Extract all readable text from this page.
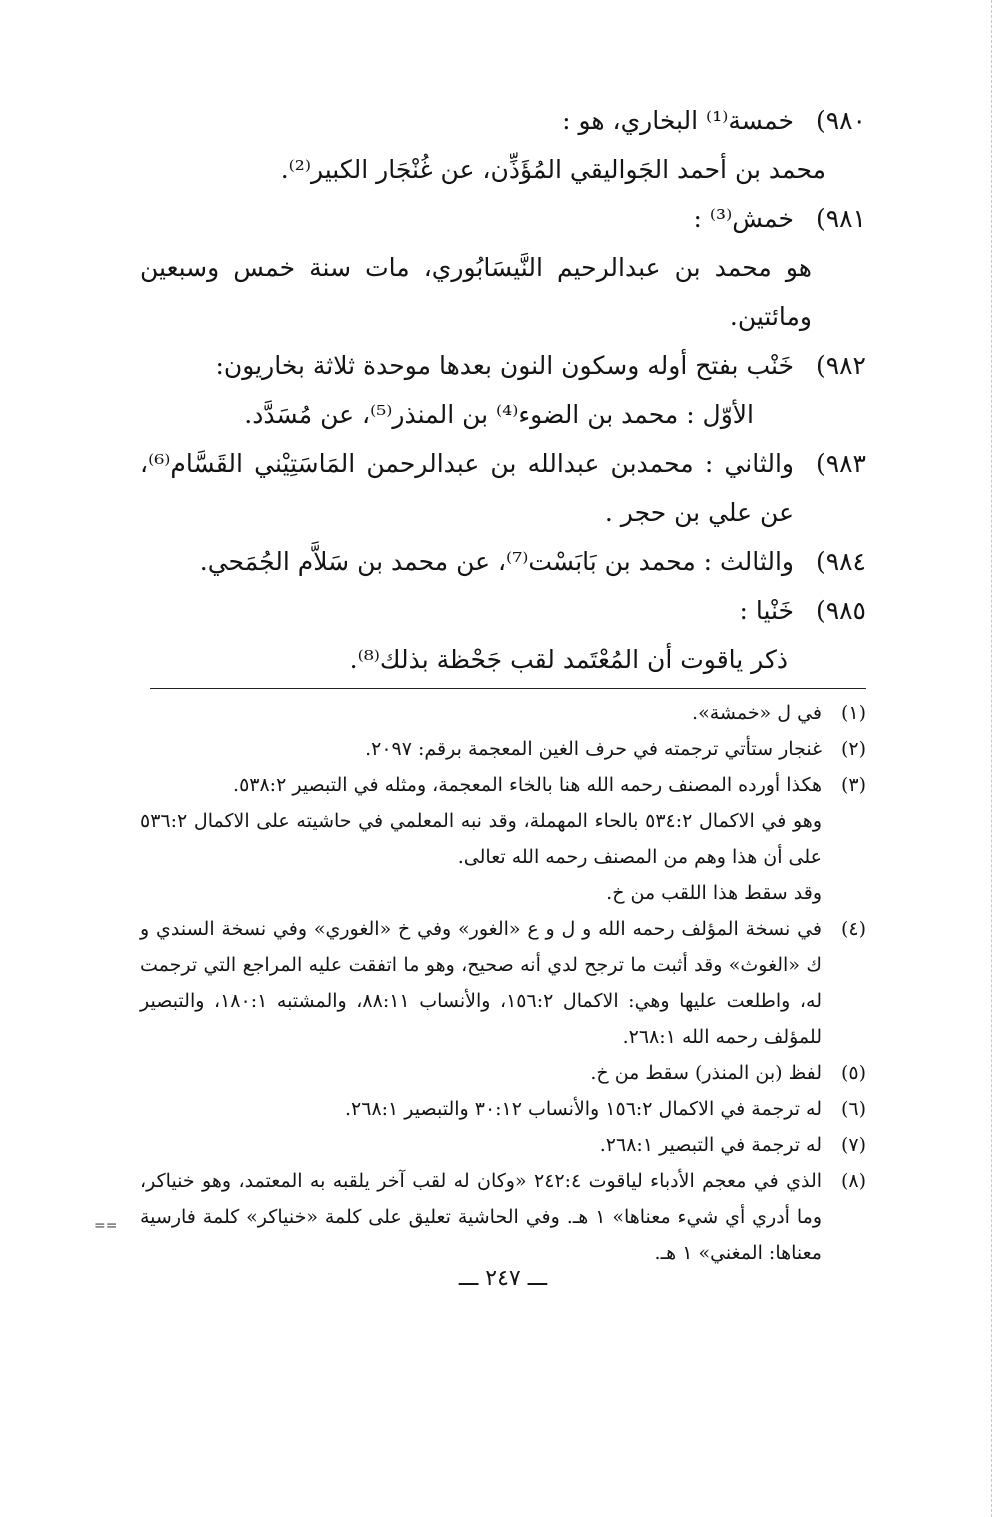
٩٨٠)
خمسة⁽¹⁾ البخاري، هو :
محمد بن أحمد الجَواليقي المُؤَذِّن، عن غُنْجَار الكبير⁽²⁾.
٩٨١)
خمش⁽³⁾ :
هو محمد بن عبدالرحيم النَّيسَابُوري، مات سنة خمس وسبعين ومائتين.
٩٨٢)
خَنْب بفتح أوله وسكون النون بعدها موحدة ثلاثة بخاريون:
الأوّل : محمد بن الضوء⁽⁴⁾ بن المنذر⁽⁵⁾، عن مُسَدَّد.
٩٨٣)
والثاني : محمدبن عبدالله بن عبدالرحمن المَاسَتِيْني القَسَّام⁽⁶⁾، عن علي بن حجر .
٩٨٤)
والثالث : محمد بن بَابَسْت⁽⁷⁾، عن محمد بن سَلاَّم الجُمَحي.
٩٨٥)
خَنْيا :
ذكر ياقوت أن المُعْتَمد لقب جَحْظة بذلك⁽⁸⁾.
(١)
في ل «خمشة».
(٢)
غنجار ستأتي ترجمته في حرف الغين المعجمة برقم: ٢٠٩٧.
(٣)
هكذا أورده المصنف رحمه الله هنا بالخاء المعجمة، ومثله في التبصير ٥٣٨:٢.
وهو في الاكمال ٥٣٤:٢ بالحاء المهملة، وقد نبه المعلمي في حاشيته على الاكمال ٥٣٦:٢ على أن هذا وهم من المصنف رحمه الله تعالى.
وقد سقط هذا اللقب من خ.
(٤)
في نسخة المؤلف رحمه الله و ل و ع «الغور» وفي خ «الغوري» وفي نسخة السندي و ك «الغوث» وقد أثبت ما ترجح لدي أنه صحيح، وهو ما اتفقت عليه المراجع التي ترجمت له، واطلعت عليها وهي: الاكمال ١٥٦:٢، والأنساب ٨٨:١١، والمشتبه ١٨٠:١، والتبصير للمؤلف رحمه الله ٢٦٨:١.
(٥)
لفظ (بن المنذر) سقط من خ.
(٦)
له ترجمة في الاكمال ١٥٦:٢ والأنساب ٣٠:١٢ والتبصير ٢٦٨:١.
(٧)
له ترجمة في التبصير ٢٦٨:١.
(٨)
الذي في معجم الأدباء لياقوت ٢٤٢:٤ «وكان له لقب آخر يلقبه به المعتمد، وهو خنياكر، وما أدري أي شيء معناها» ١ هـ. وفي الحاشية تعليق على كلمة «خنياكر» كلمة فارسية معناها: المغني» ١ هـ.
==
ـــ ٢٤٧ ـــ
